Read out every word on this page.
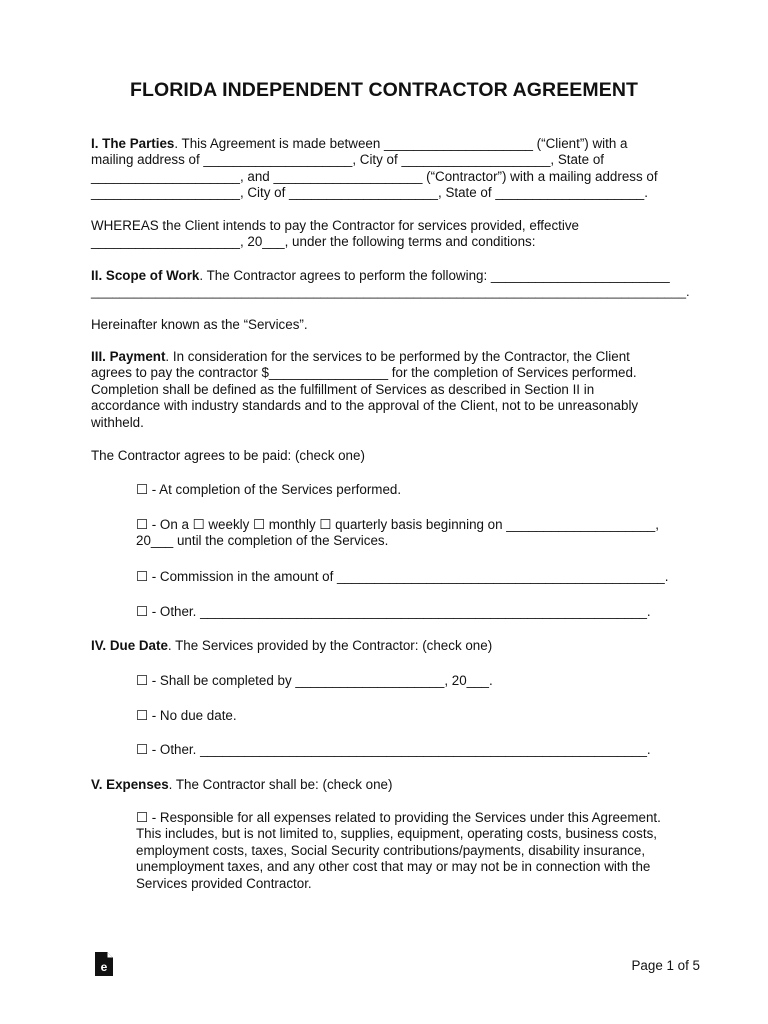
FLORIDA INDEPENDENT CONTRACTOR AGREEMENT
I. The Parties. This Agreement is made between ____________________ (“Client”) with a
mailing address of ____________________, City of ____________________, State of
____________________, and ____________________ (“Contractor”) with a mailing address of
____________________, City of ____________________, State of ____________________.
WHEREAS the Client intends to pay the Contractor for services provided, effective
____________________, 20___, under the following terms and conditions:
II. Scope of Work. The Contractor agrees to perform the following: ________________________
___________________________________________________________________________________.
Hereinafter known as the “Services”.
III. Payment. In consideration for the services to be performed by the Contractor, the Client
agrees to pay the contractor $________________ for the completion of Services performed.
Completion shall be defined as the fulfillment of Services as described in Section II in
accordance with industry standards and to the approval of the Client, not to be unreasonably
withheld.
The Contractor agrees to be paid: (check one)
☐ - At completion of the Services performed.
☐ - On a ☐ weekly ☐ monthly ☐ quarterly basis beginning on ____________________,
20___ until the completion of the Services.
☐ - Commission in the amount of ____________________________________________.
☐ - Other. ____________________________________________________________.
IV. Due Date. The Services provided by the Contractor: (check one)
☐ - Shall be completed by ____________________, 20___.
☐ - No due date.
☐ - Other. ____________________________________________________________.
V. Expenses. The Contractor shall be: (check one)
☐ - Responsible for all expenses related to providing the Services under this Agreement.
This includes, but is not limited to, supplies, equipment, operating costs, business costs,
employment costs, taxes, Social Security contributions/payments, disability insurance,
unemployment taxes, and any other cost that may or may not be in connection with the
Services provided Contractor.
e	Page 1 of 5
